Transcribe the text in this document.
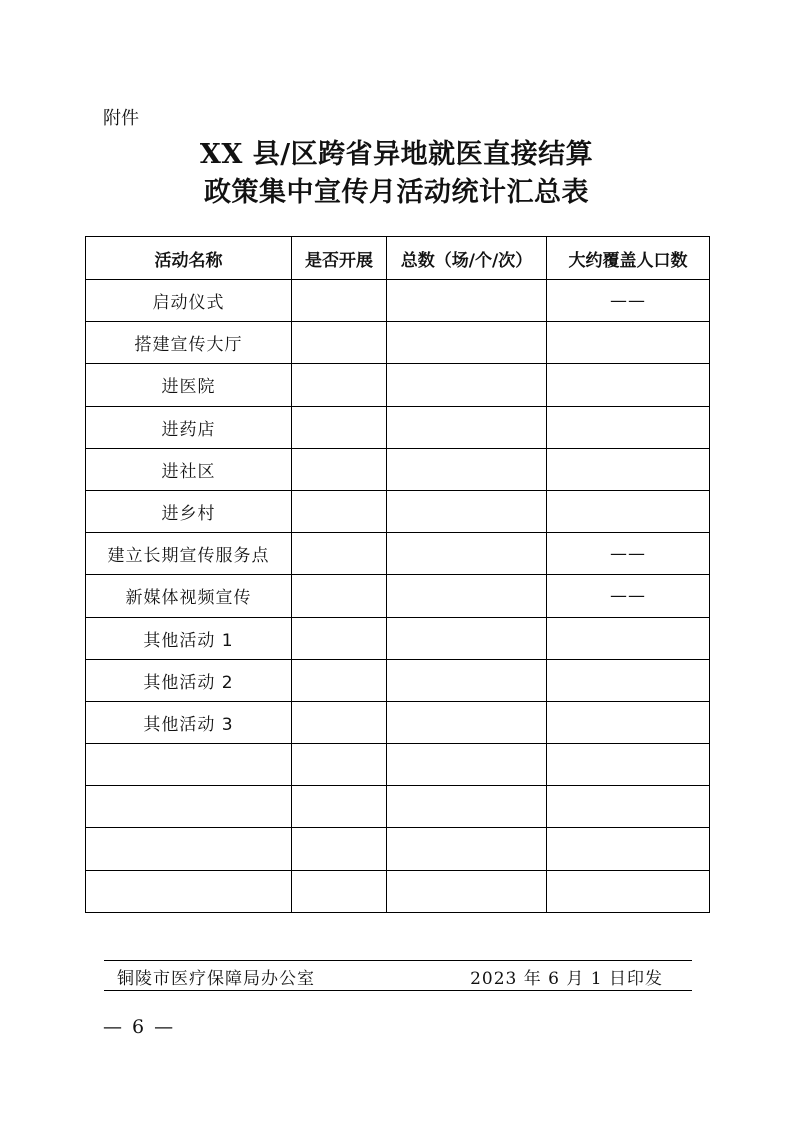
附件
XX 县/区跨省异地就医直接结算
政策集中宣传月活动统计汇总表
活动名称	是否开展	总数（场/个/次）	大约覆盖人口数
启动仪式			——
搭建宣传大厅			
进医院			
进药店			
进社区			
进乡村			
建立长期宣传服务点			——
新媒体视频宣传			——
其他活动 1			
其他活动 2			
其他活动 3			

铜陵市医疗保障局办公室	2023 年 6 月 1 日印发
— 6 —
